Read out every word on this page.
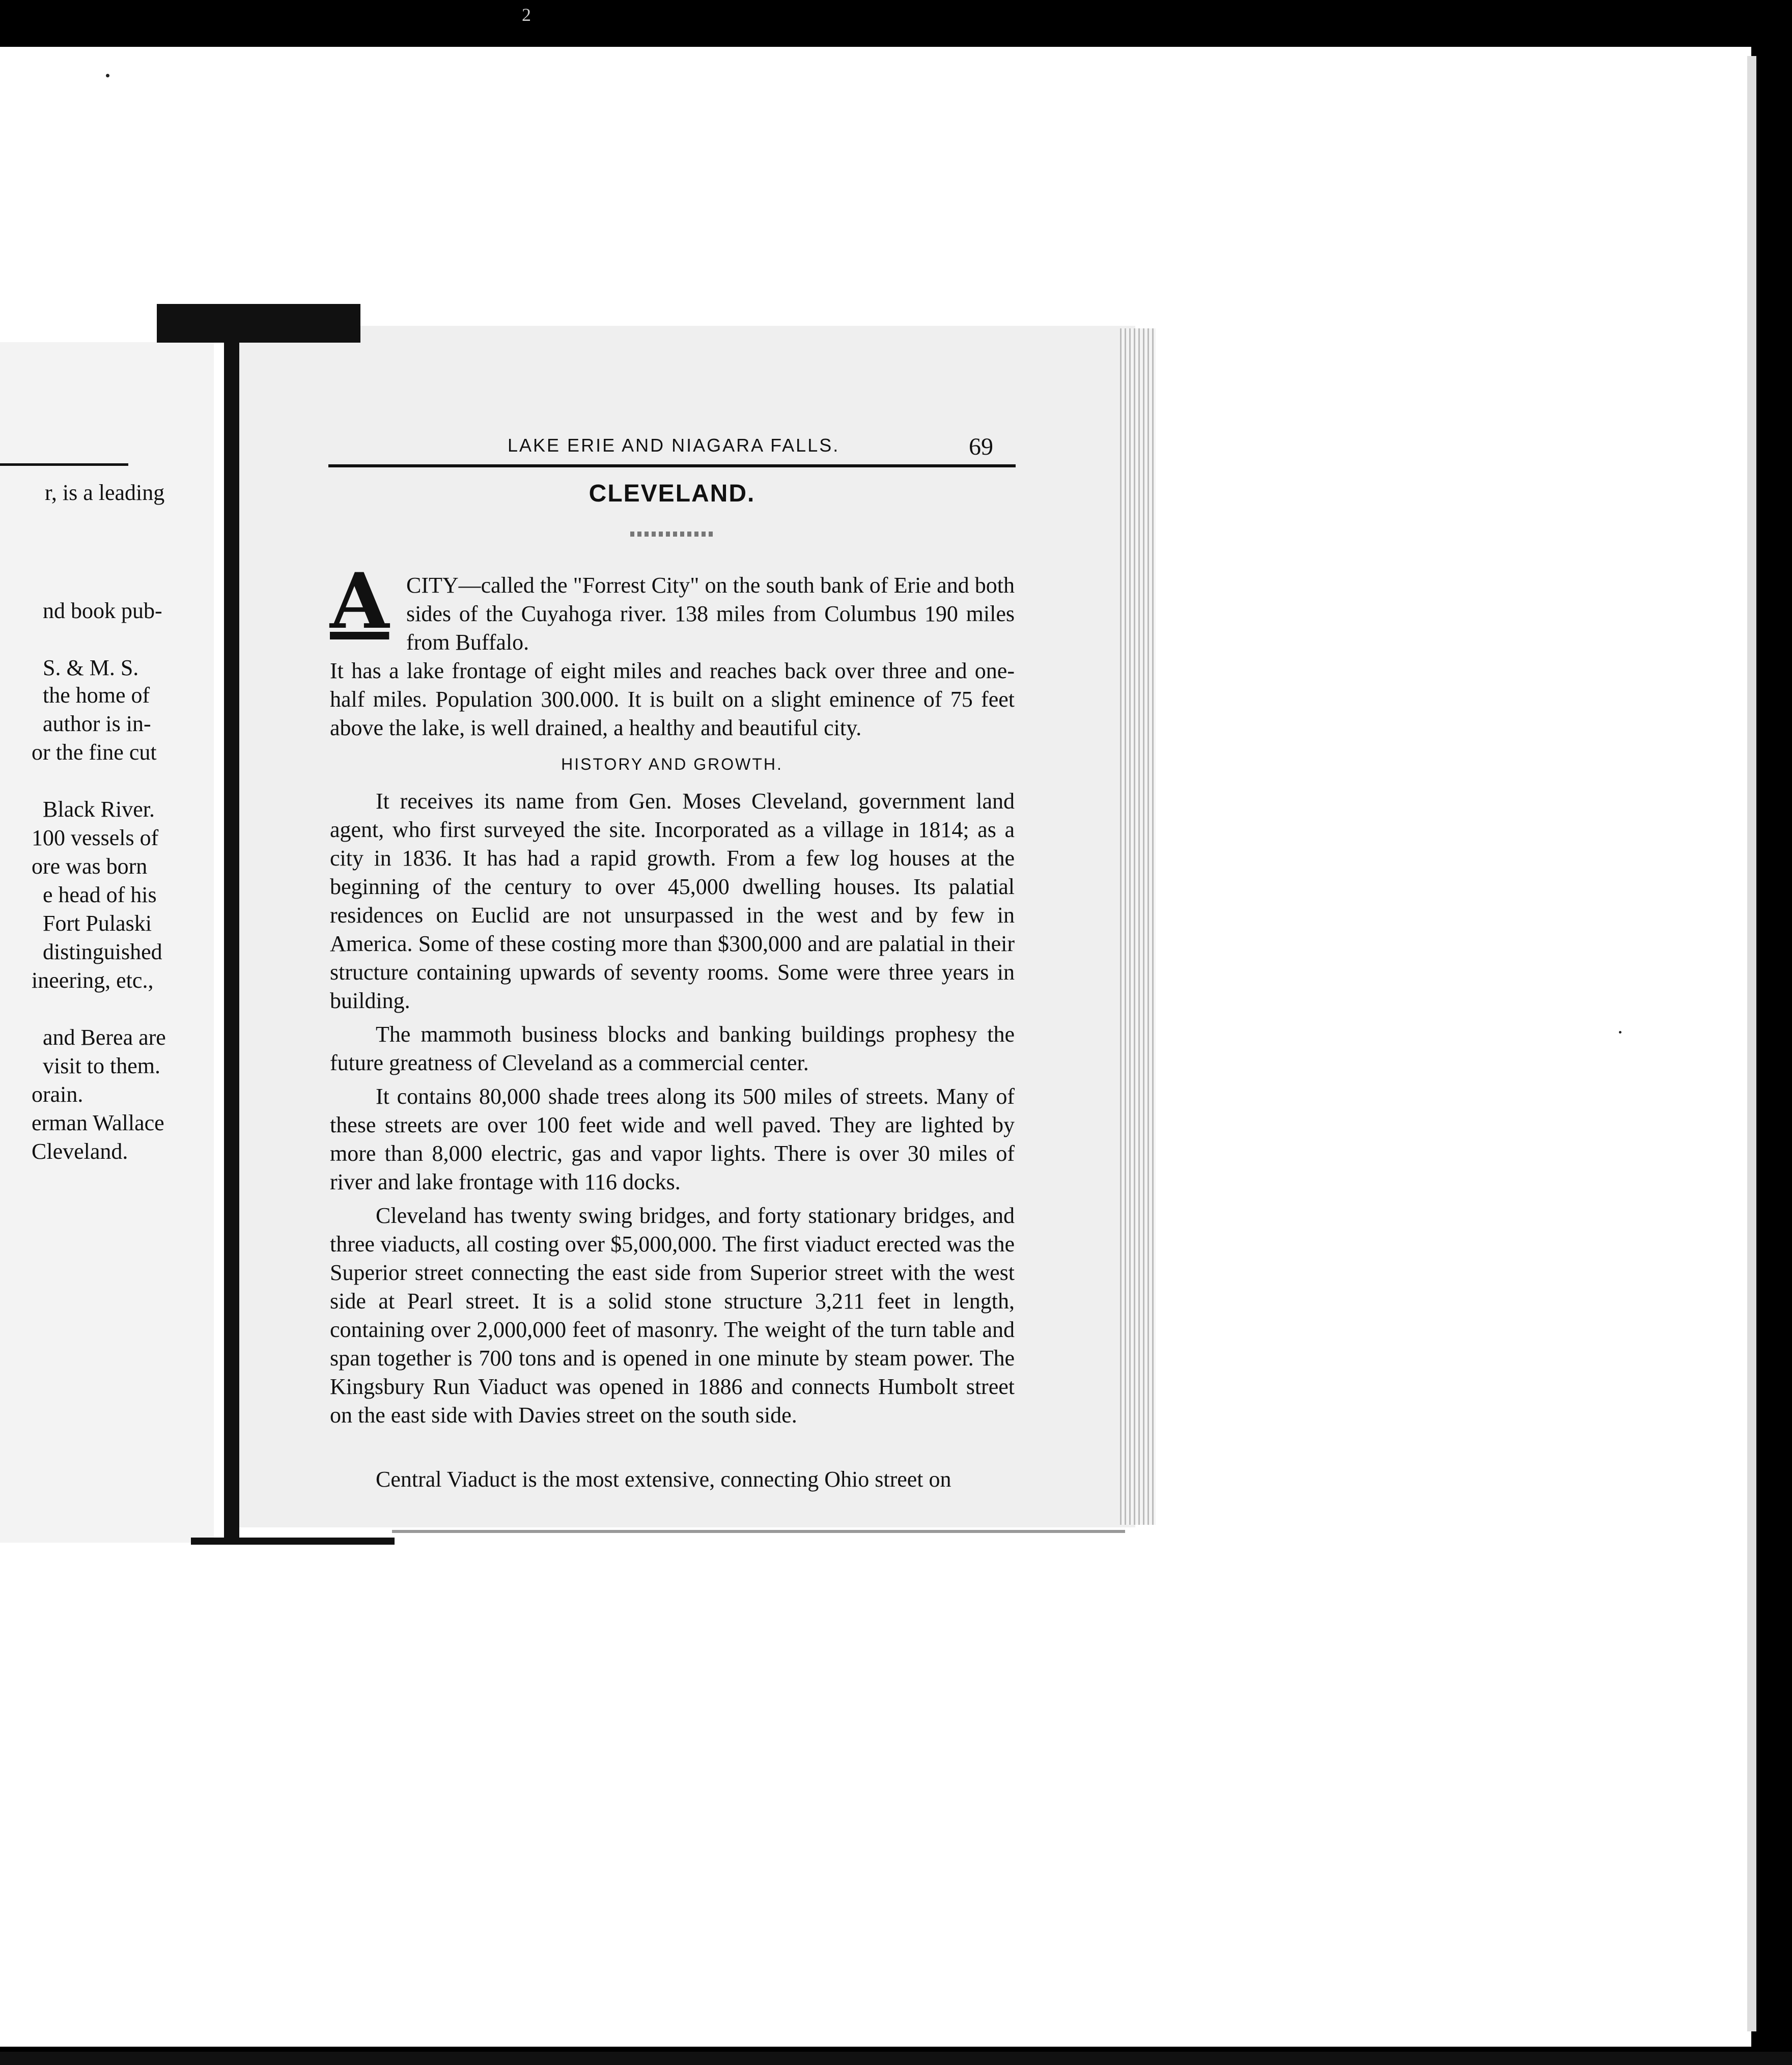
2
r, is a leading
nd book pub-
S. & M. S.
the home of
author is in-
or the fine cut
Black River.
100 vessels of
ore was born
e head of his
Fort Pulaski
distinguished
ineering, etc.,
and Berea are
visit to them.
orain.
erman Wallace
Cleveland.
LAKE ERIE AND NIAGARA FALLS.	69
CLEVELAND.
A CITY—called the "Forrest City" on the south bank of Erie and both sides of the Cuyahoga river. 138 miles from Columbus 190 miles from Buffalo.
It has a lake frontage of eight miles and reaches back over three and one-half miles. Population 300.000. It is built on a slight eminence of 75 feet above the lake, is well drained, a healthy and beautiful city.
HISTORY AND GROWTH.
It receives its name from Gen. Moses Cleveland, government land agent, who first surveyed the site. Incorporated as a village in 1814; as a city in 1836. It has had a rapid growth. From a few log houses at the beginning of the century to over 45,000 dwelling houses. Its palatial residences on Euclid are not unsurpassed in the west and by few in America. Some of these costing more than $300,000 and are palatial in their structure containing upwards of seventy rooms. Some were three years in building.
The mammoth business blocks and banking buildings prophesy the future greatness of Cleveland as a commercial center.
It contains 80,000 shade trees along its 500 miles of streets. Many of these streets are over 100 feet wide and well paved. They are lighted by more than 8,000 electric, gas and vapor lights. There is over 30 miles of river and lake frontage with 116 docks.
Cleveland has twenty swing bridges, and forty stationary bridges, and three viaducts, all costing over $5,000,000. The first viaduct erected was the Superior street connecting the east side from Superior street with the west side at Pearl street. It is a solid stone structure 3,211 feet in length, containing over 2,000,000 feet of masonry. The weight of the turn table and span together is 700 tons and is opened in one minute by steam power. The Kingsbury Run Viaduct was opened in 1886 and connects Humbolt street on the east side with Davies street on the south side.
Central Viaduct is the most extensive, connecting Ohio street on
